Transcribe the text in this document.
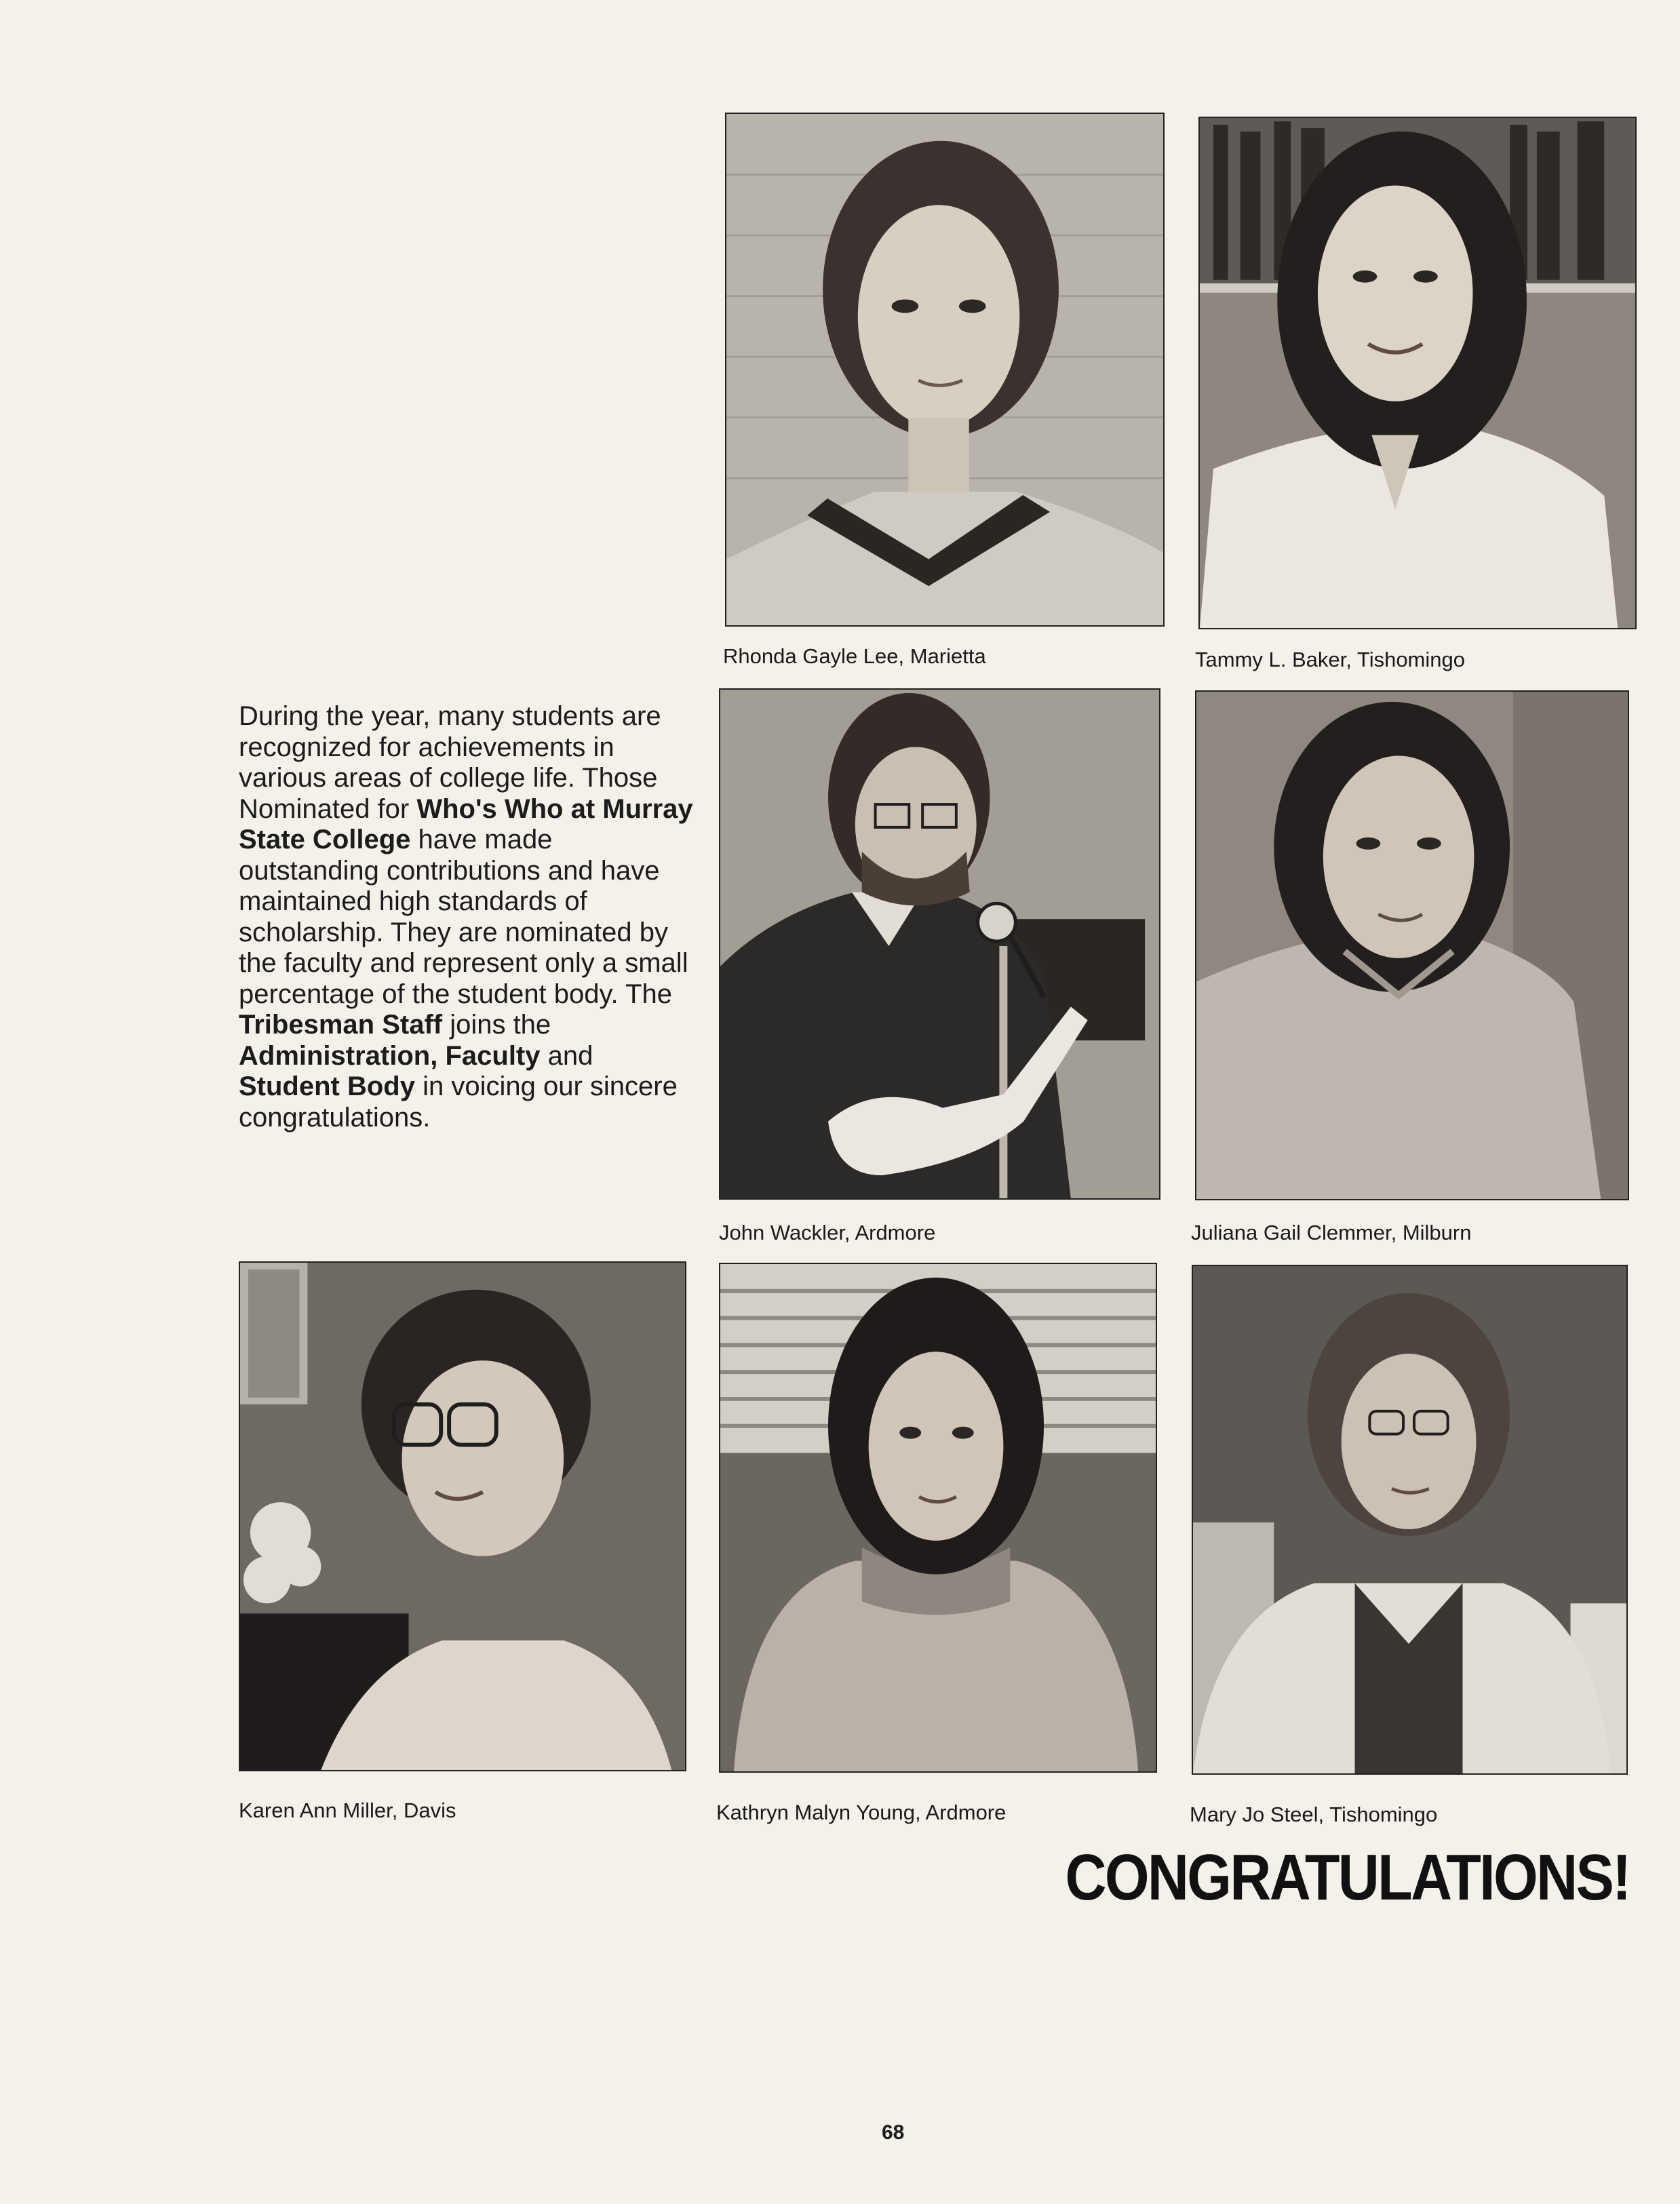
During the year, many students are recognized for achievements in various areas of college life. Those Nominated for Who's Who at Murray State College have made outstanding contributions and have maintained high standards of scholarship. They are nominated by the faculty and represent only a small percentage of the student body. The Tribesman Staff joins the Administration, Faculty and Student Body in voicing our sincere congratulations.
Rhonda Gayle Lee, Marietta	Tammy L. Baker, Tishomingo
John Wackler, Ardmore	Juliana Gail Clemmer, Milburn
Karen Ann Miller, Davis	Kathryn Malyn Young, Ardmore	Mary Jo Steel, Tishomingo
CONGRATULATIONS!
68
